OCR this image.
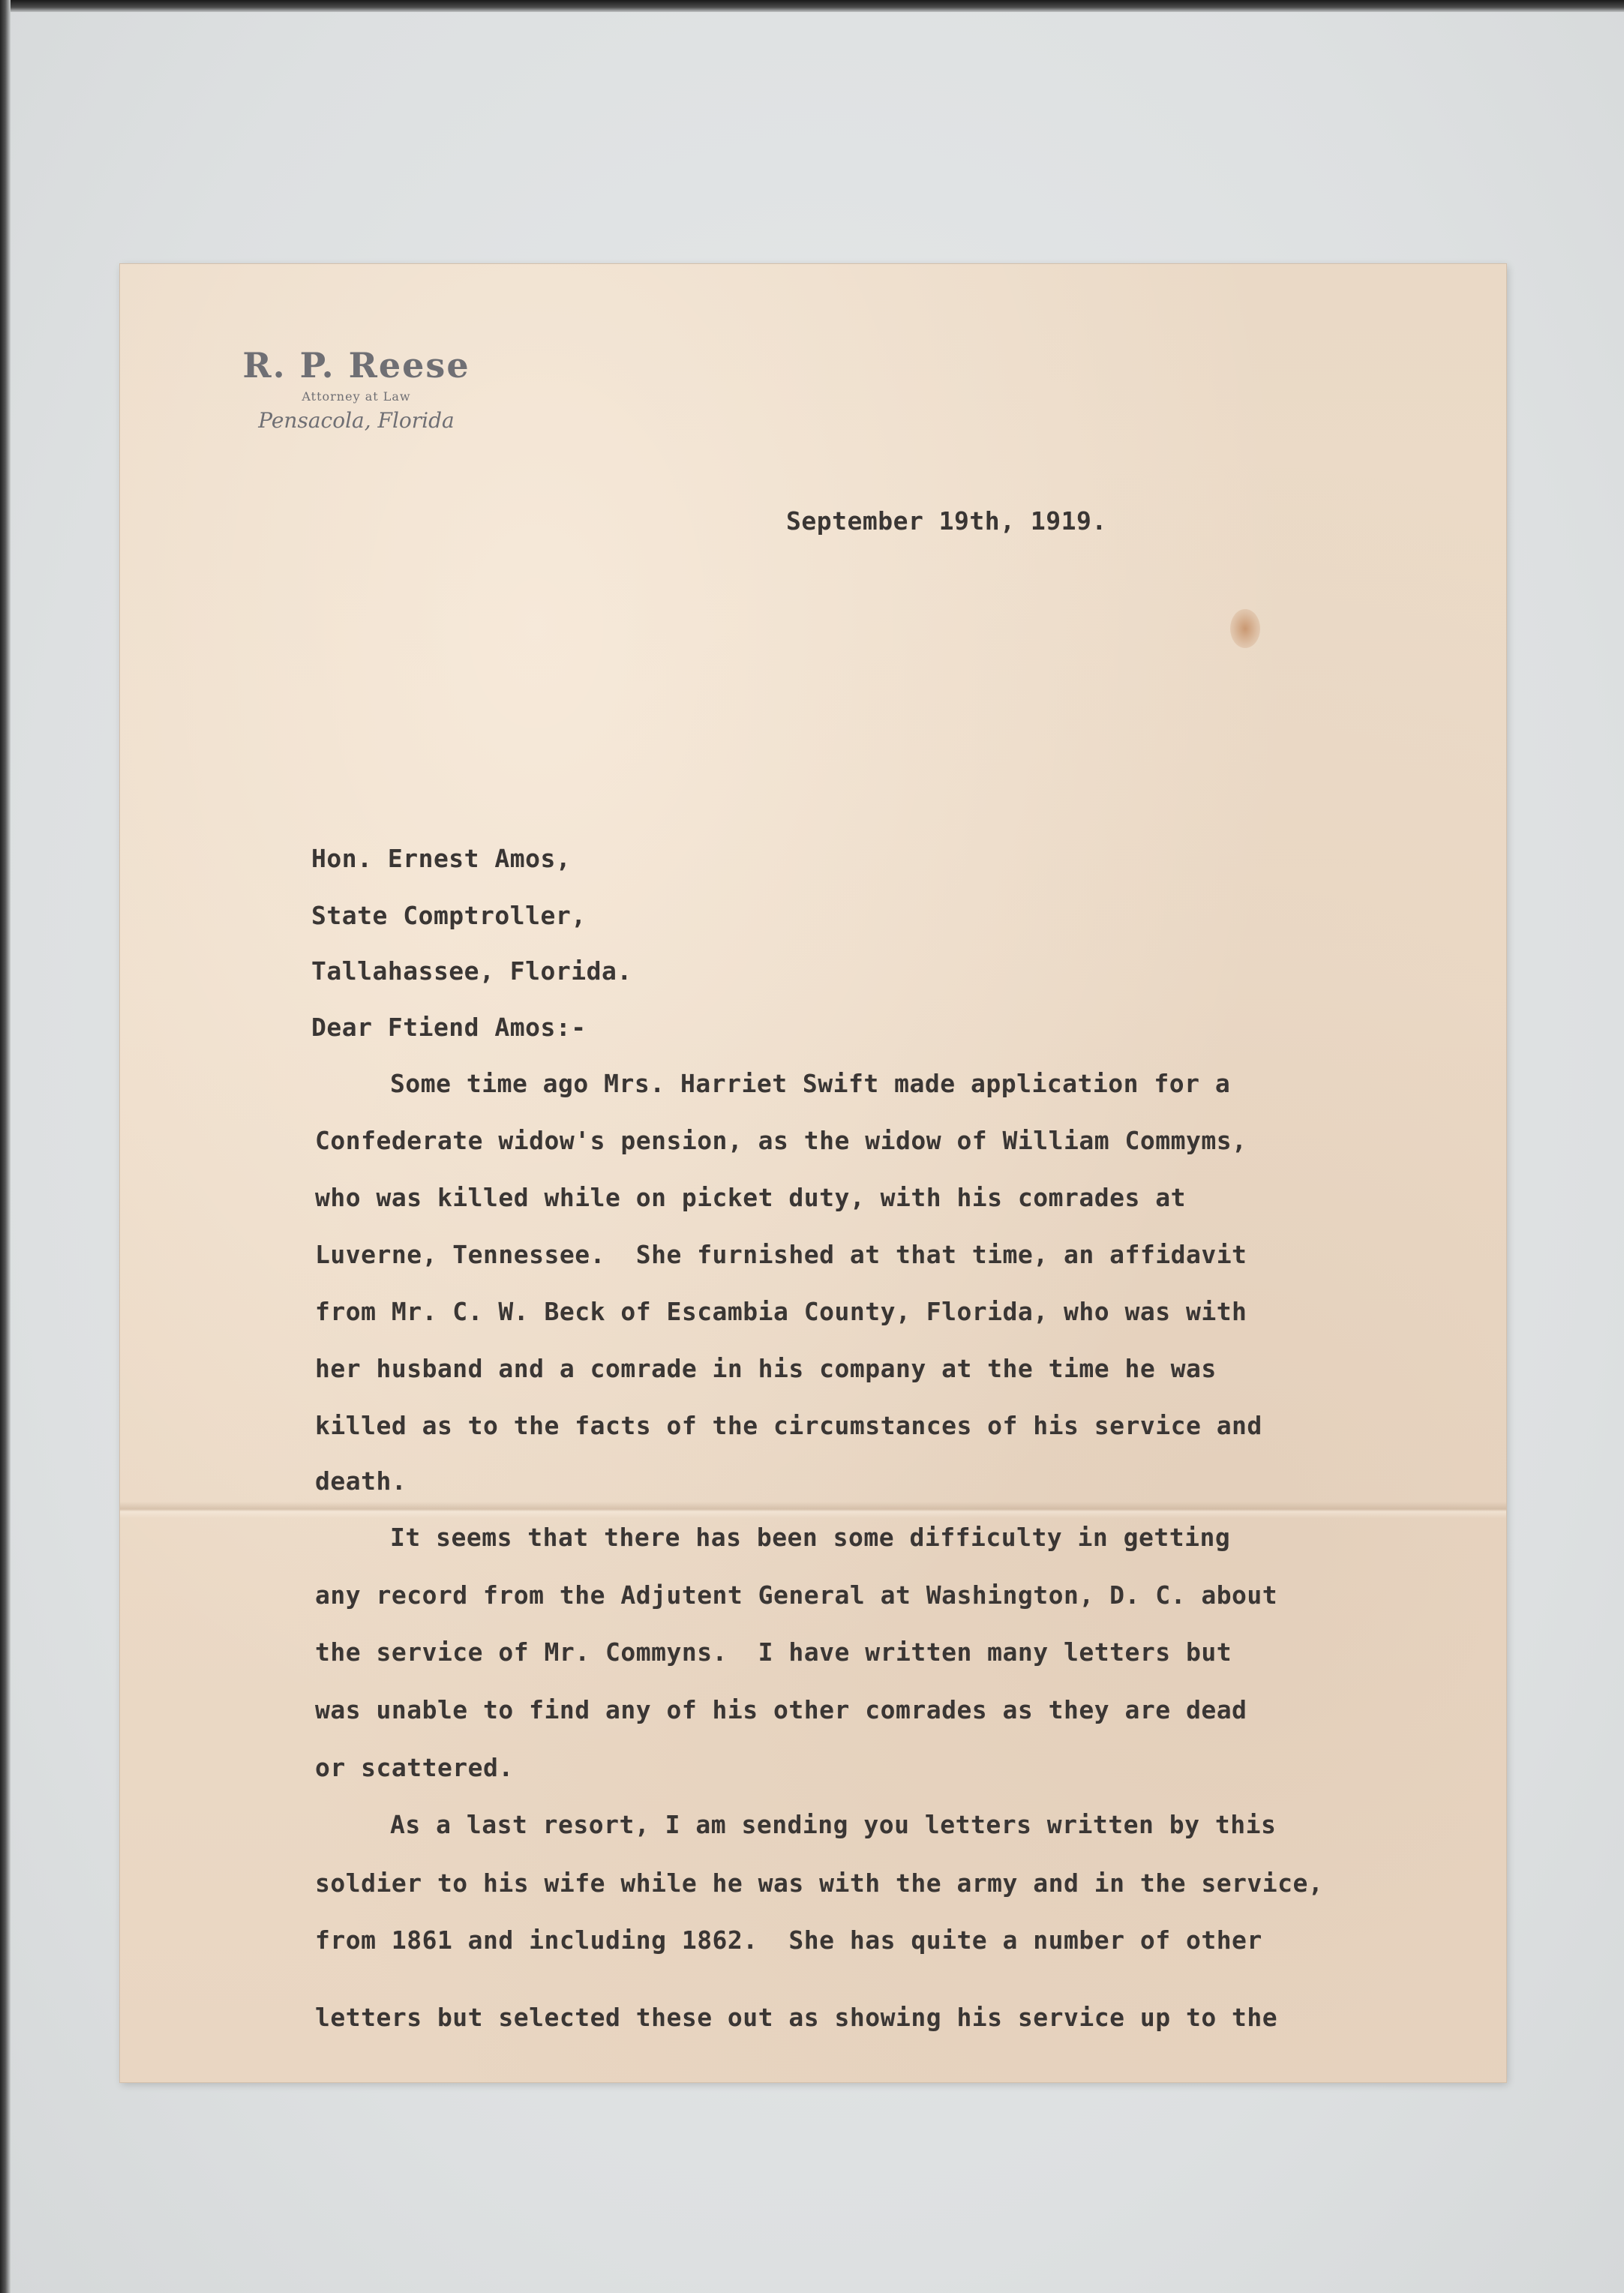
R. P. Reese
Attorney at Law
Pensacola, Florida
September 19th, 1919.
Hon. Ernest Amos,
State Comptroller,
Tallahassee, Florida.
Dear Ftiend Amos:-
Some time ago Mrs. Harriet Swift made application for a
Confederate widow's pension, as the widow of William Commyms,
who was killed while on picket duty, with his comrades at
Luverne, Tennessee.  She furnished at that time, an affidavit
from Mr. C. W. Beck of Escambia County, Florida, who was with
her husband and a comrade in his company at the time he was
killed as to the facts of the circumstances of his service and
death.
It seems that there has been some difficulty in getting
any record from the Adjutent General at Washington, D. C. about
the service of Mr. Commyns.  I have written many letters but
was unable to find any of his other comrades as they are dead
or scattered.
As a last resort, I am sending you letters written by this
soldier to his wife while he was with the army and in the service,
from 1861 and including 1862.  She has quite a number of other
letters but selected these out as showing his service up to the
